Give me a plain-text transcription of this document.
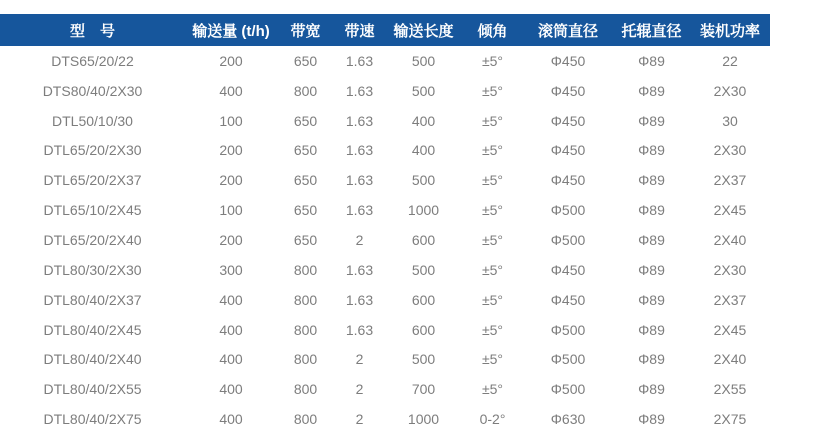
型　号	输送量 (t/h)	带宽	带速	输送长度	倾角	滚筒直径	托辊直径	装机功率
DTS65/20/22	200	650	1.63	500	±5°	Φ450	Φ89	22
DTS80/40/2X30	400	800	1.63	500	±5°	Φ450	Φ89	2X30
DTL50/10/30	100	650	1.63	400	±5°	Φ450	Φ89	30
DTL65/20/2X30	200	650	1.63	400	±5°	Φ450	Φ89	2X30
DTL65/20/2X37	200	650	1.63	500	±5°	Φ450	Φ89	2X37
DTL65/10/2X45	100	650	1.63	1000	±5°	Φ500	Φ89	2X45
DTL65/20/2X40	200	650	2	600	±5°	Φ500	Φ89	2X40
DTL80/30/2X30	300	800	1.63	500	±5°	Φ450	Φ89	2X30
DTL80/40/2X37	400	800	1.63	600	±5°	Φ450	Φ89	2X37
DTL80/40/2X45	400	800	1.63	600	±5°	Φ500	Φ89	2X45
DTL80/40/2X40	400	800	2	500	±5°	Φ500	Φ89	2X40
DTL80/40/2X55	400	800	2	700	±5°	Φ500	Φ89	2X55
DTL80/40/2X75	400	800	2	1000	0-2°	Φ630	Φ89	2X75
